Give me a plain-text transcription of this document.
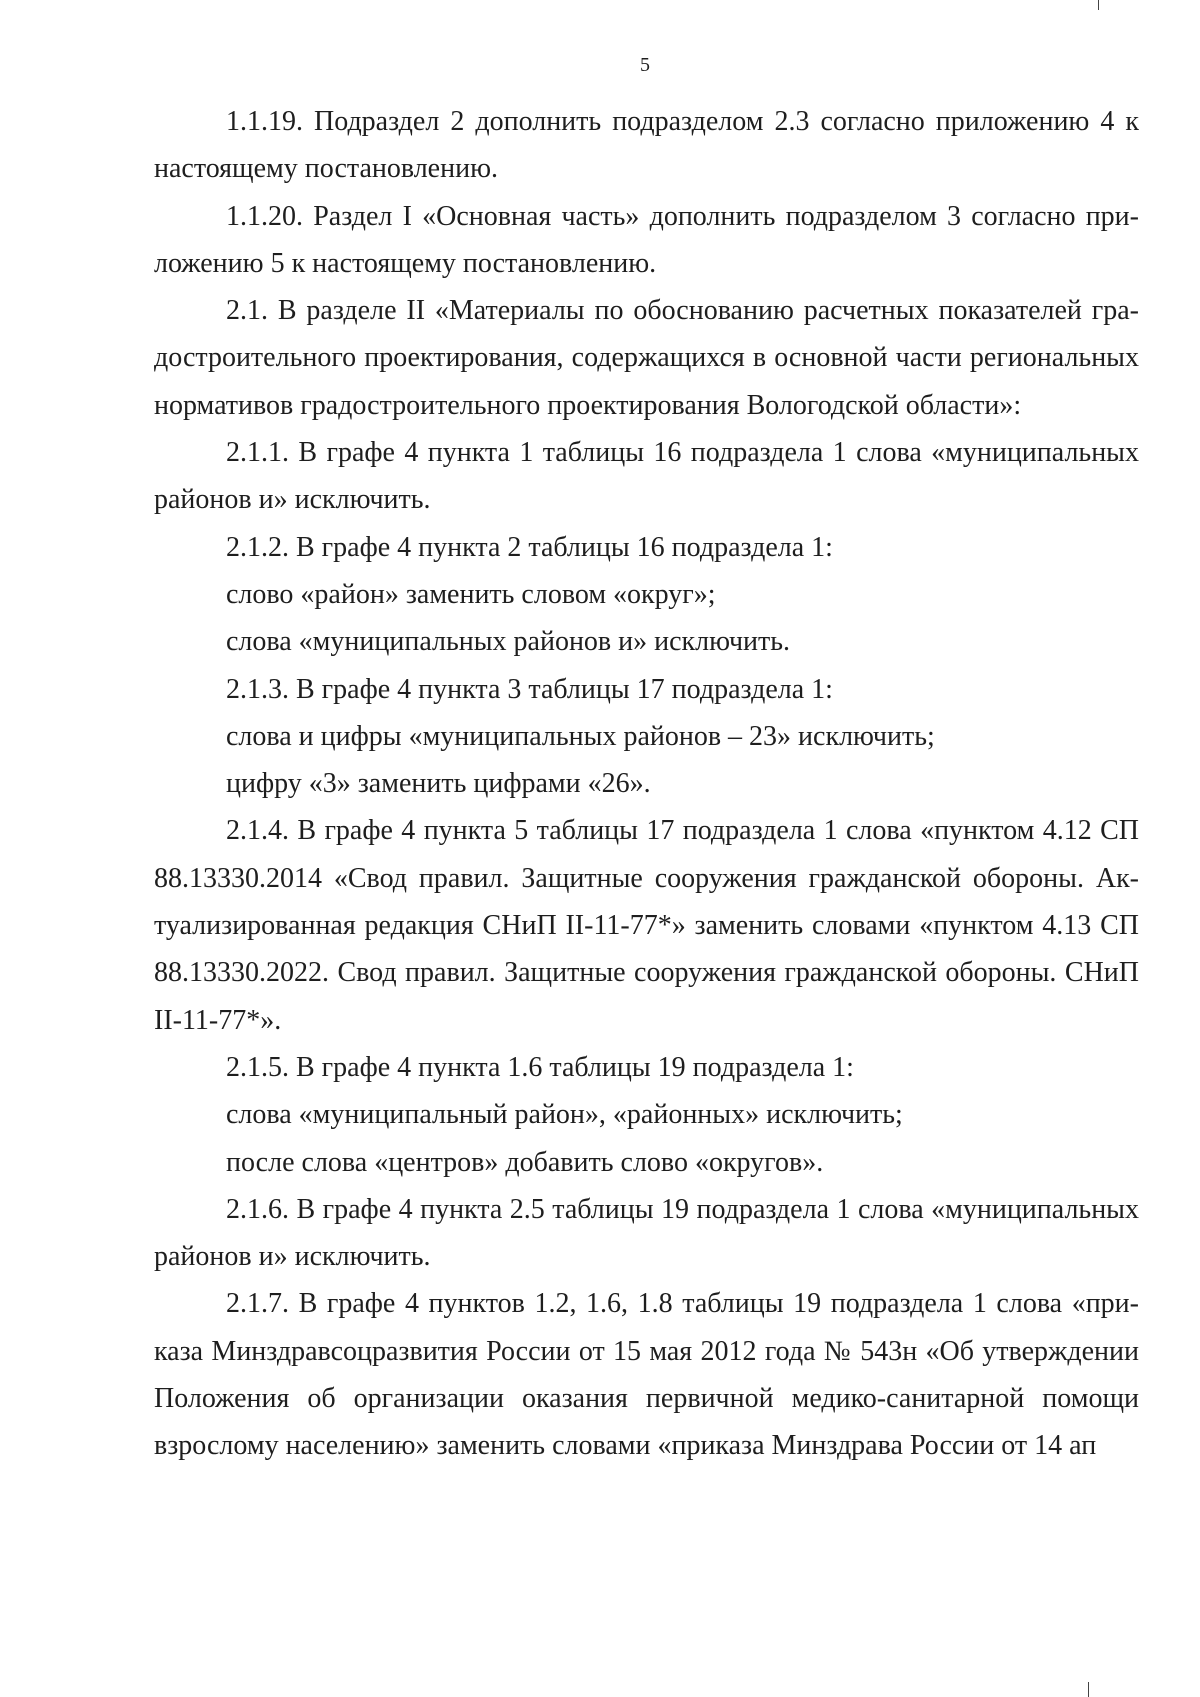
5

1.1.19. Подраздел 2 дополнить подразделом 2.3 согласно приложению 4 к настоящему постановлению.

1.1.20. Раздел I «Основная часть» дополнить подразделом 3 согласно приложению 5 к настоящему постановлению.

2.1. В разделе II «Материалы по обоснованию расчетных показателей градостроительного проектирования, содержащихся в основной части региональных нормативов градостроительного проектирования Вологодской области»:

2.1.1. В графе 4 пункта 1 таблицы 16 подраздела 1 слова «муниципальных районов и» исключить.

2.1.2. В графе 4 пункта 2 таблицы 16 подраздела 1:

слово «район» заменить словом «округ»;

слова «муниципальных районов и» исключить.

2.1.3. В графе 4 пункта 3 таблицы 17 подраздела 1:

слова и цифры «муниципальных районов – 23» исключить;

цифру «3» заменить цифрами «26».

2.1.4. В графе 4 пункта 5 таблицы 17 подраздела 1 слова «пунктом 4.12 СП 88.13330.2014 «Свод правил. Защитные сооружения гражданской обороны. Актуализированная редакция СНиП II-11-77*» заменить словами «пунктом 4.13 СП 88.13330.2022. Свод правил. Защитные сооружения гражданской обороны. СНиП II-11-77*».

2.1.5. В графе 4 пункта 1.6 таблицы 19 подраздела 1:

слова «муниципальный район», «районных» исключить;

после слова «центров» добавить слово «округов».

2.1.6. В графе 4 пункта 2.5 таблицы 19 подраздела 1 слова «муниципальных районов и» исключить.

2.1.7. В графе 4 пунктов 1.2, 1.6, 1.8 таблицы 19 подраздела 1 слова «приказа Минздравсоцразвития России от 15 мая 2012 года № 543н «Об утверждении Положения об организации оказания первичной медико-санитарной помощи взрослому населению» заменить словами «приказа Минздрава России от 14 ап
